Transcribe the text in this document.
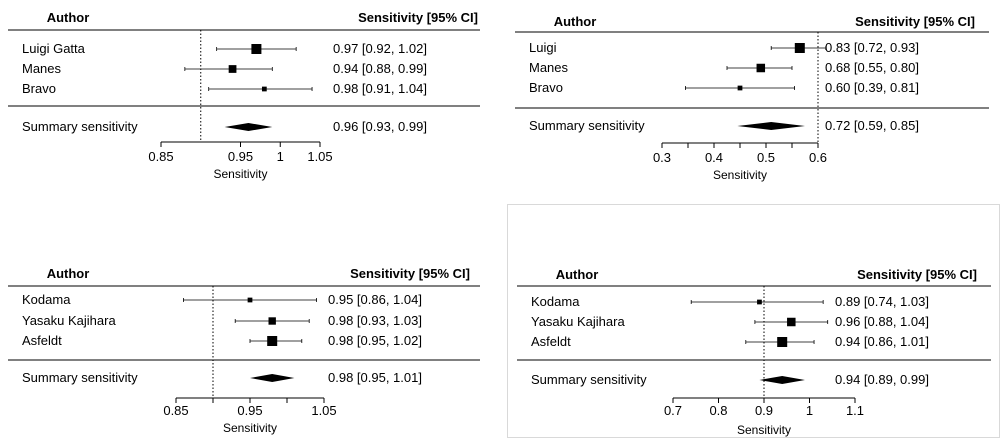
Author	Sensitivity [95% CI]
Luigi Gatta	0.97 [0.92, 1.02]
Manes	0.94 [0.88, 0.99]
Bravo	0.98 [0.91, 1.04]
Summary sensitivity	0.96 [0.93, 0.99]
0.85	0.95 1 1.05
Sensitivity
Author	Sensitivity [95% CI]
Luigi	0.83 [0.72, 0.93]
Manes	0.68 [0.55, 0.80]
Bravo	0.60 [0.39, 0.81]
Summary sensitivity	0.72 [0.59, 0.85]
0.3	0.4	0.5	0.6
Sensitivity
Author	Sensitivity [95% CI]
Kodama	0.95 [0.86, 1.04]
Yasaku Kajihara	0.98 [0.93, 1.03]
Asfeldt	0.98 [0.95, 1.02]
Summary sensitivity	0.98 [0.95, 1.01]
0.85	0.95	1.05
Sensitivity
Author	Sensitivity [95% CI]
Kodama	0.89 [0.74, 1.03]
Yasaku Kajihara	0.96 [0.88, 1.04]
Asfeldt	0.94 [0.86, 1.01]
Summary sensitivity	0.94 [0.89, 0.99]
0.7 0.8 0.9	1	1.1
Sensitivity
